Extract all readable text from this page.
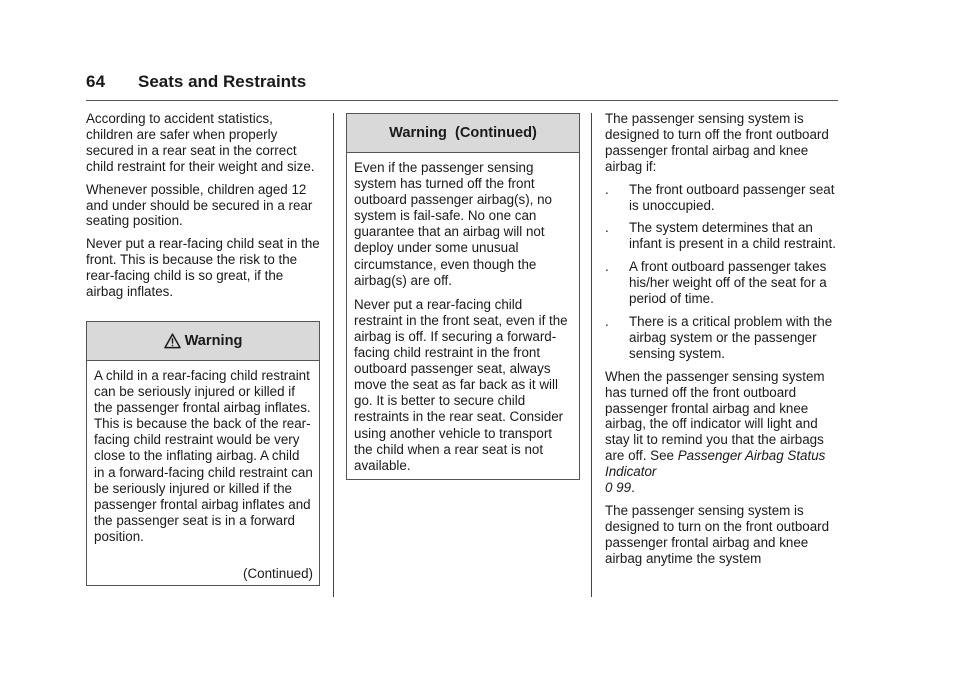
64 Seats and Restraints

According to accident statistics, children are safer when properly secured in a rear seat in the correct child restraint for their weight and size.

Whenever possible, children aged 12 and under should be secured in a rear seating position.

Never put a rear-facing child seat in the front. This is because the risk to the rear-facing child is so great, if the airbag inflates.

Warning

A child in a rear-facing child restraint can be seriously injured or killed if the passenger frontal airbag inflates. This is because the back of the rear-facing child restraint would be very close to the inflating airbag. A child in a forward-facing child restraint can be seriously injured or killed if the passenger frontal airbag inflates and the passenger seat is in a forward position.

(Continued)
Warning  (Continued)

Even if the passenger sensing system has turned off the front outboard passenger airbag(s), no system is fail-safe. No one can guarantee that an airbag will not deploy under some unusual circumstance, even though the airbag(s) are off.

Never put a rear-facing child restraint in the front seat, even if the airbag is off. If securing a forward-facing child restraint in the front outboard passenger seat, always move the seat as far back as it will go. It is better to secure child restraints in the rear seat. Consider using another vehicle to transport the child when a rear seat is not available.

The passenger sensing system is designed to turn off the front outboard passenger frontal airbag and knee airbag if:

. The front outboard passenger seat is unoccupied.
. The system determines that an infant is present in a child restraint.
. A front outboard passenger takes his/her weight off of the seat for a period of time.
. There is a critical problem with the airbag system or the passenger sensing system.

When the passenger sensing system has turned off the front outboard passenger frontal airbag and knee airbag, the off indicator will light and stay lit to remind you that the airbags are off. See Passenger Airbag Status Indicator
0 99.

The passenger sensing system is designed to turn on the front outboard passenger frontal airbag and knee airbag anytime the system
